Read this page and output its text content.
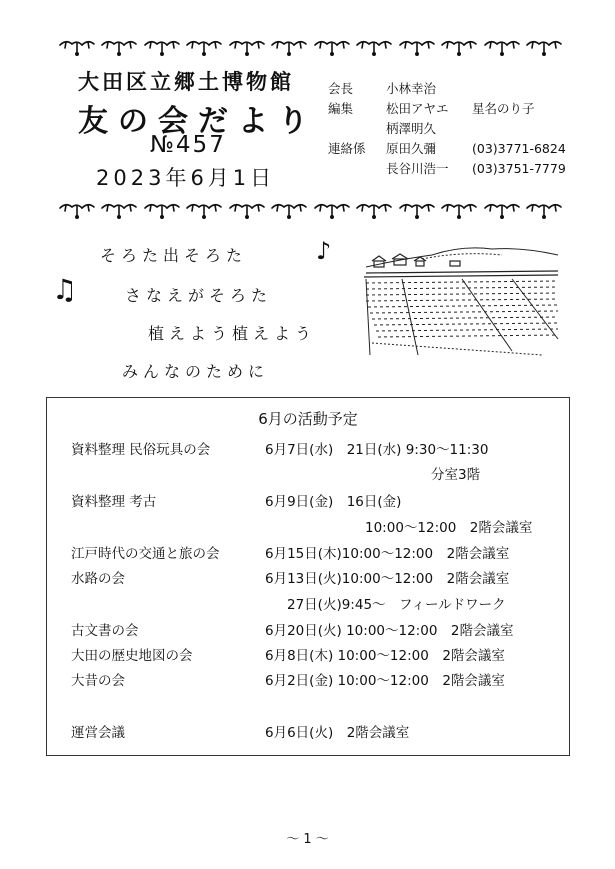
大田区立郷土博物館
友の会だより
№457
2023年6月1日
会長	小林幸治
編集	松田アヤエ	星名のり子
柄澤明久
連絡係	原田久彌	(03)3771-6824
長谷川浩一	(03)3751-7779
そろた出そろた
さなえがそろた
植えよう植えよう
みんなのために
♪
♫
6月の活動予定
資料整理 民俗玩具の会	6月7日(水)　21日(水) 9:30～11:30
分室3階
資料整理 考古	6月9日(金)　16日(金)
10:00～12:00　2階会議室
江戸時代の交通と旅の会	6月15日(木)10:00～12:00　2階会議室
水路の会	6月13日(火)10:00～12:00　2階会議室
27日(火)9:45～　フィールドワーク
古文書の会	6月20日(火) 10:00～12:00　2階会議室
大田の歴史地図の会	6月8日(木) 10:00～12:00　2階会議室
大昔の会	6月2日(金) 10:00～12:00　2階会議室
運営会議	6月6日(火)　2階会議室
～ 1 ～
